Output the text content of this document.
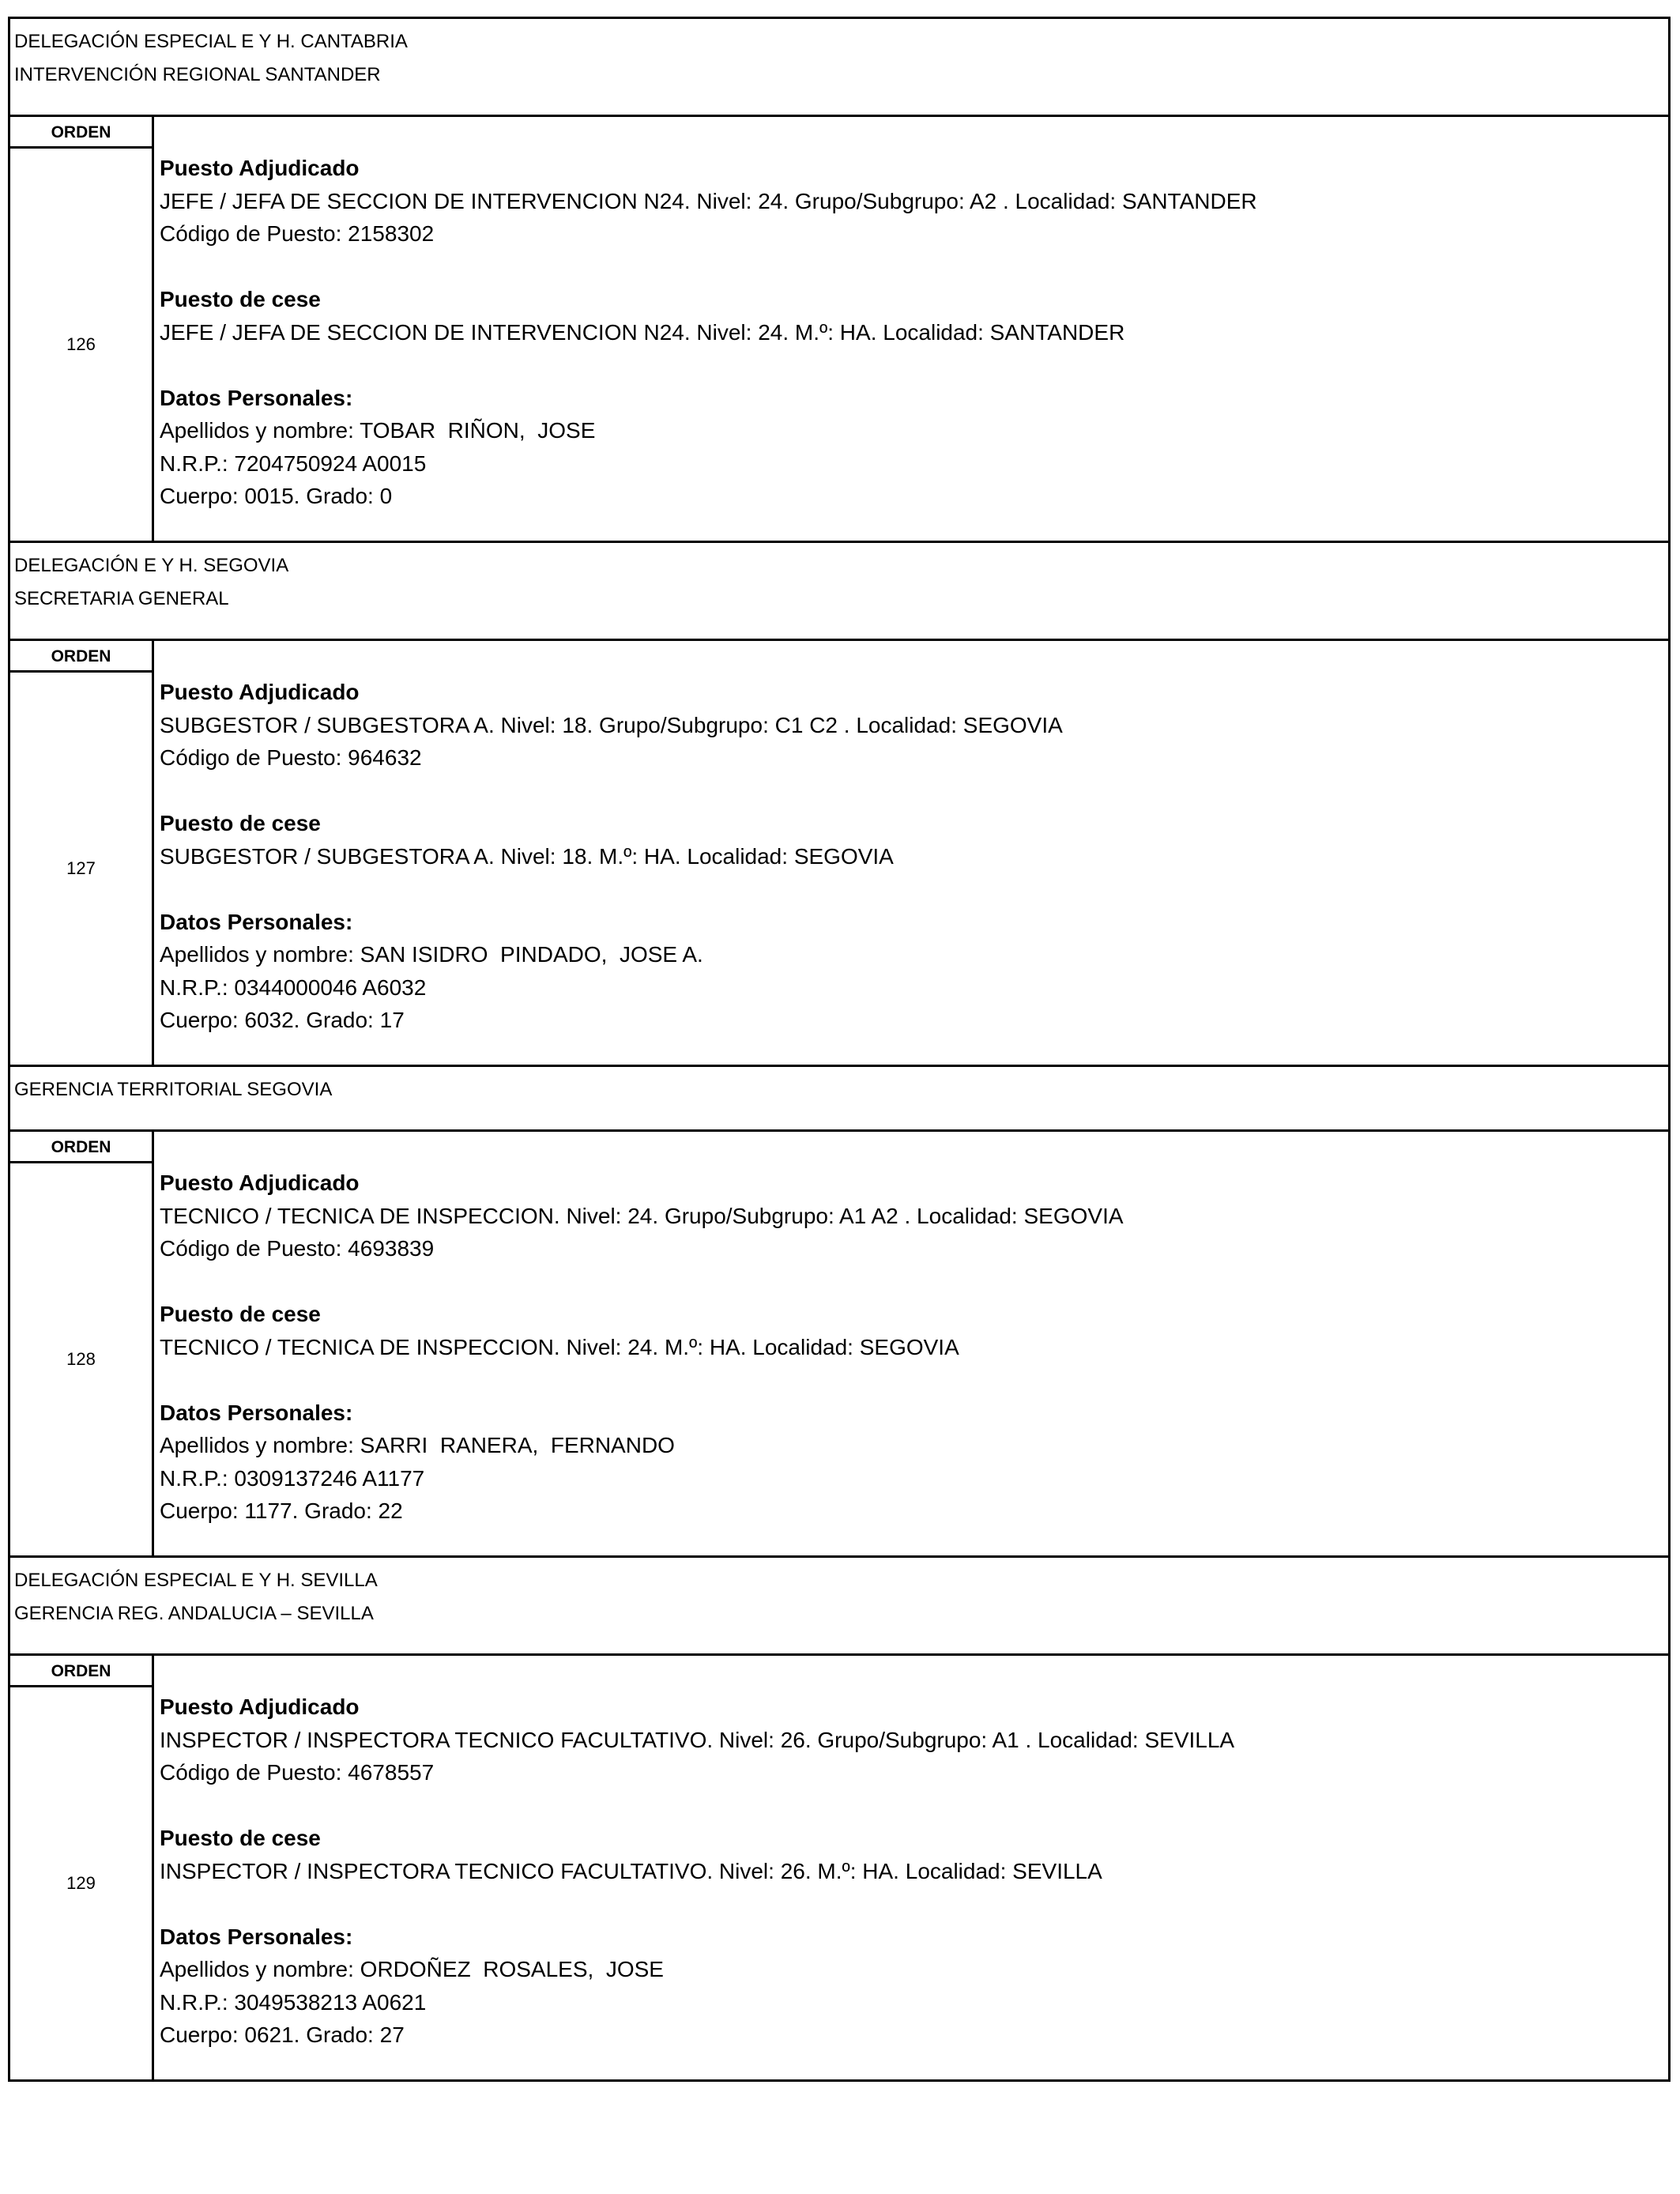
DELEGACIÓN ESPECIAL E Y H. CANTABRIA
INTERVENCIÓN REGIONAL SANTANDER
ORDEN
126
Puesto Adjudicado
JEFE / JEFA DE SECCION DE INTERVENCION N24. Nivel: 24. Grupo/Subgrupo: A2 . Localidad: SANTANDER
Código de Puesto: 2158302
Puesto de cese
JEFE / JEFA DE SECCION DE INTERVENCION N24. Nivel: 24. M.º: HA. Localidad: SANTANDER
Datos Personales:
Apellidos y nombre: TOBAR  RIÑON,  JOSE
N.R.P.: 7204750924 A0015
Cuerpo: 0015. Grado: 0
DELEGACIÓN E Y H. SEGOVIA
SECRETARIA GENERAL
ORDEN
127
Puesto Adjudicado
SUBGESTOR / SUBGESTORA A. Nivel: 18. Grupo/Subgrupo: C1 C2 . Localidad: SEGOVIA
Código de Puesto: 964632
Puesto de cese
SUBGESTOR / SUBGESTORA A. Nivel: 18. M.º: HA. Localidad: SEGOVIA
Datos Personales:
Apellidos y nombre: SAN ISIDRO  PINDADO,  JOSE A.
N.R.P.: 0344000046 A6032
Cuerpo: 6032. Grado: 17
GERENCIA TERRITORIAL SEGOVIA
ORDEN
128
Puesto Adjudicado
TECNICO / TECNICA DE INSPECCION. Nivel: 24. Grupo/Subgrupo: A1 A2 . Localidad: SEGOVIA
Código de Puesto: 4693839
Puesto de cese
TECNICO / TECNICA DE INSPECCION. Nivel: 24. M.º: HA. Localidad: SEGOVIA
Datos Personales:
Apellidos y nombre: SARRI  RANERA,  FERNANDO
N.R.P.: 0309137246 A1177
Cuerpo: 1177. Grado: 22
DELEGACIÓN ESPECIAL E Y H. SEVILLA
GERENCIA REG. ANDALUCIA – SEVILLA
ORDEN
129
Puesto Adjudicado
INSPECTOR / INSPECTORA TECNICO FACULTATIVO. Nivel: 26. Grupo/Subgrupo: A1 . Localidad: SEVILLA
Código de Puesto: 4678557
Puesto de cese
INSPECTOR / INSPECTORA TECNICO FACULTATIVO. Nivel: 26. M.º: HA. Localidad: SEVILLA
Datos Personales:
Apellidos y nombre: ORDOÑEZ  ROSALES,  JOSE
N.R.P.: 3049538213 A0621
Cuerpo: 0621. Grado: 27
